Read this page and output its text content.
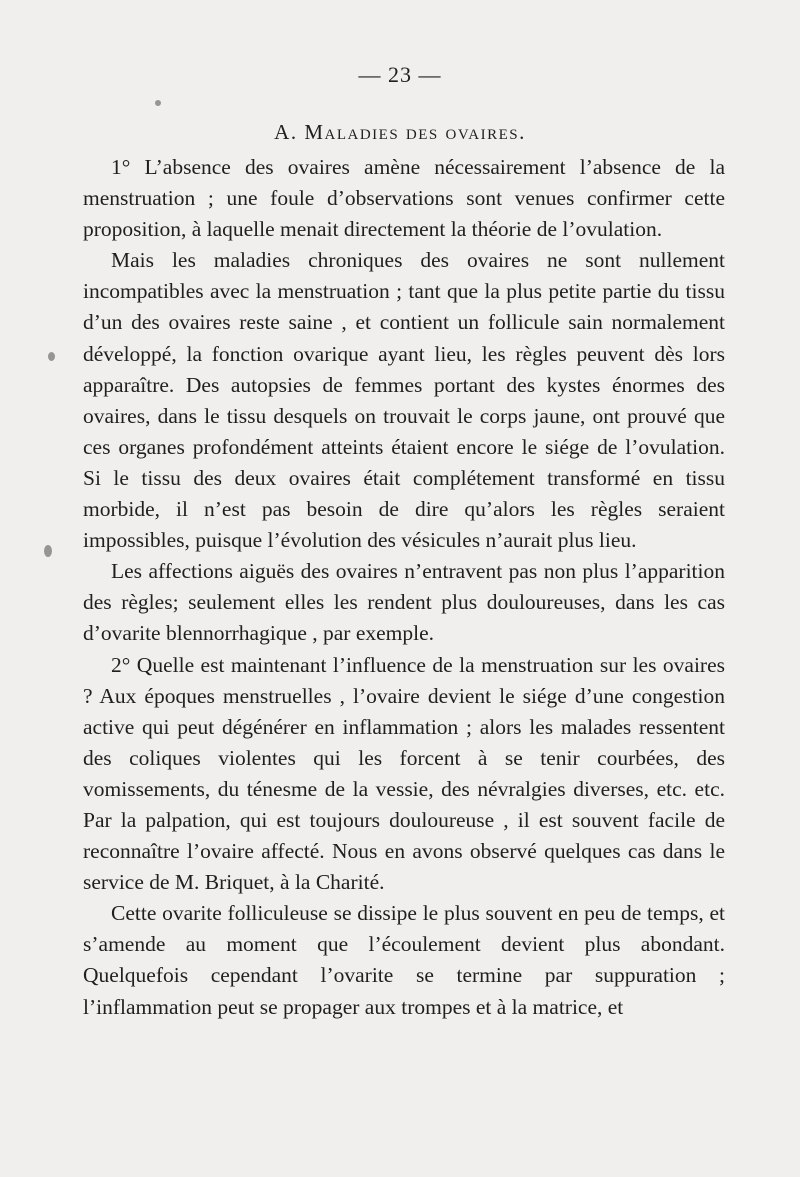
— 23 —
A. Maladies des ovaires.

1° L’absence des ovaires amène nécessairement l’absence de la menstruation ; une foule d’observations sont venues confirmer cette proposition, à laquelle menait directement la théorie de l’ovulation.

Mais les maladies chroniques des ovaires ne sont nullement incompatibles avec la menstruation ; tant que la plus petite partie du tissu d’un des ovaires reste saine , et contient un follicule sain normalement développé, la fonction ovarique ayant lieu, les règles peuvent dès lors apparaître. Des autopsies de femmes portant des kystes énormes des ovaires, dans le tissu desquels on trouvait le corps jaune, ont prouvé que ces organes profondément atteints étaient encore le siége de l’ovulation. Si le tissu des deux ovaires était complétement transformé en tissu morbide, il n’est pas besoin de dire qu’alors les règles seraient impossibles, puisque l’évolution des vésicules n’aurait plus lieu.

Les affections aiguës des ovaires n’entravent pas non plus l’apparition des règles; seulement elles les rendent plus douloureuses, dans les cas d’ovarite blennorrhagique , par exemple.

2° Quelle est maintenant l’influence de la menstruation sur les ovaires ? Aux époques menstruelles , l’ovaire devient le siége d’une congestion active qui peut dégénérer en inflammation ; alors les malades ressentent des coliques violentes qui les forcent à se tenir courbées, des vomissements, du ténesme de la vessie, des névralgies diverses, etc. etc. Par la palpation, qui est toujours douloureuse , il est souvent facile de reconnaître l’ovaire affecté. Nous en avons observé quelques cas dans le service de M. Briquet, à la Charité.

Cette ovarite folliculeuse se dissipe le plus souvent en peu de temps, et s’amende au moment que l’écoulement devient plus abondant. Quelquefois cependant l’ovarite se termine par suppuration ; l’inflammation peut se propager aux trompes et à la matrice, et
